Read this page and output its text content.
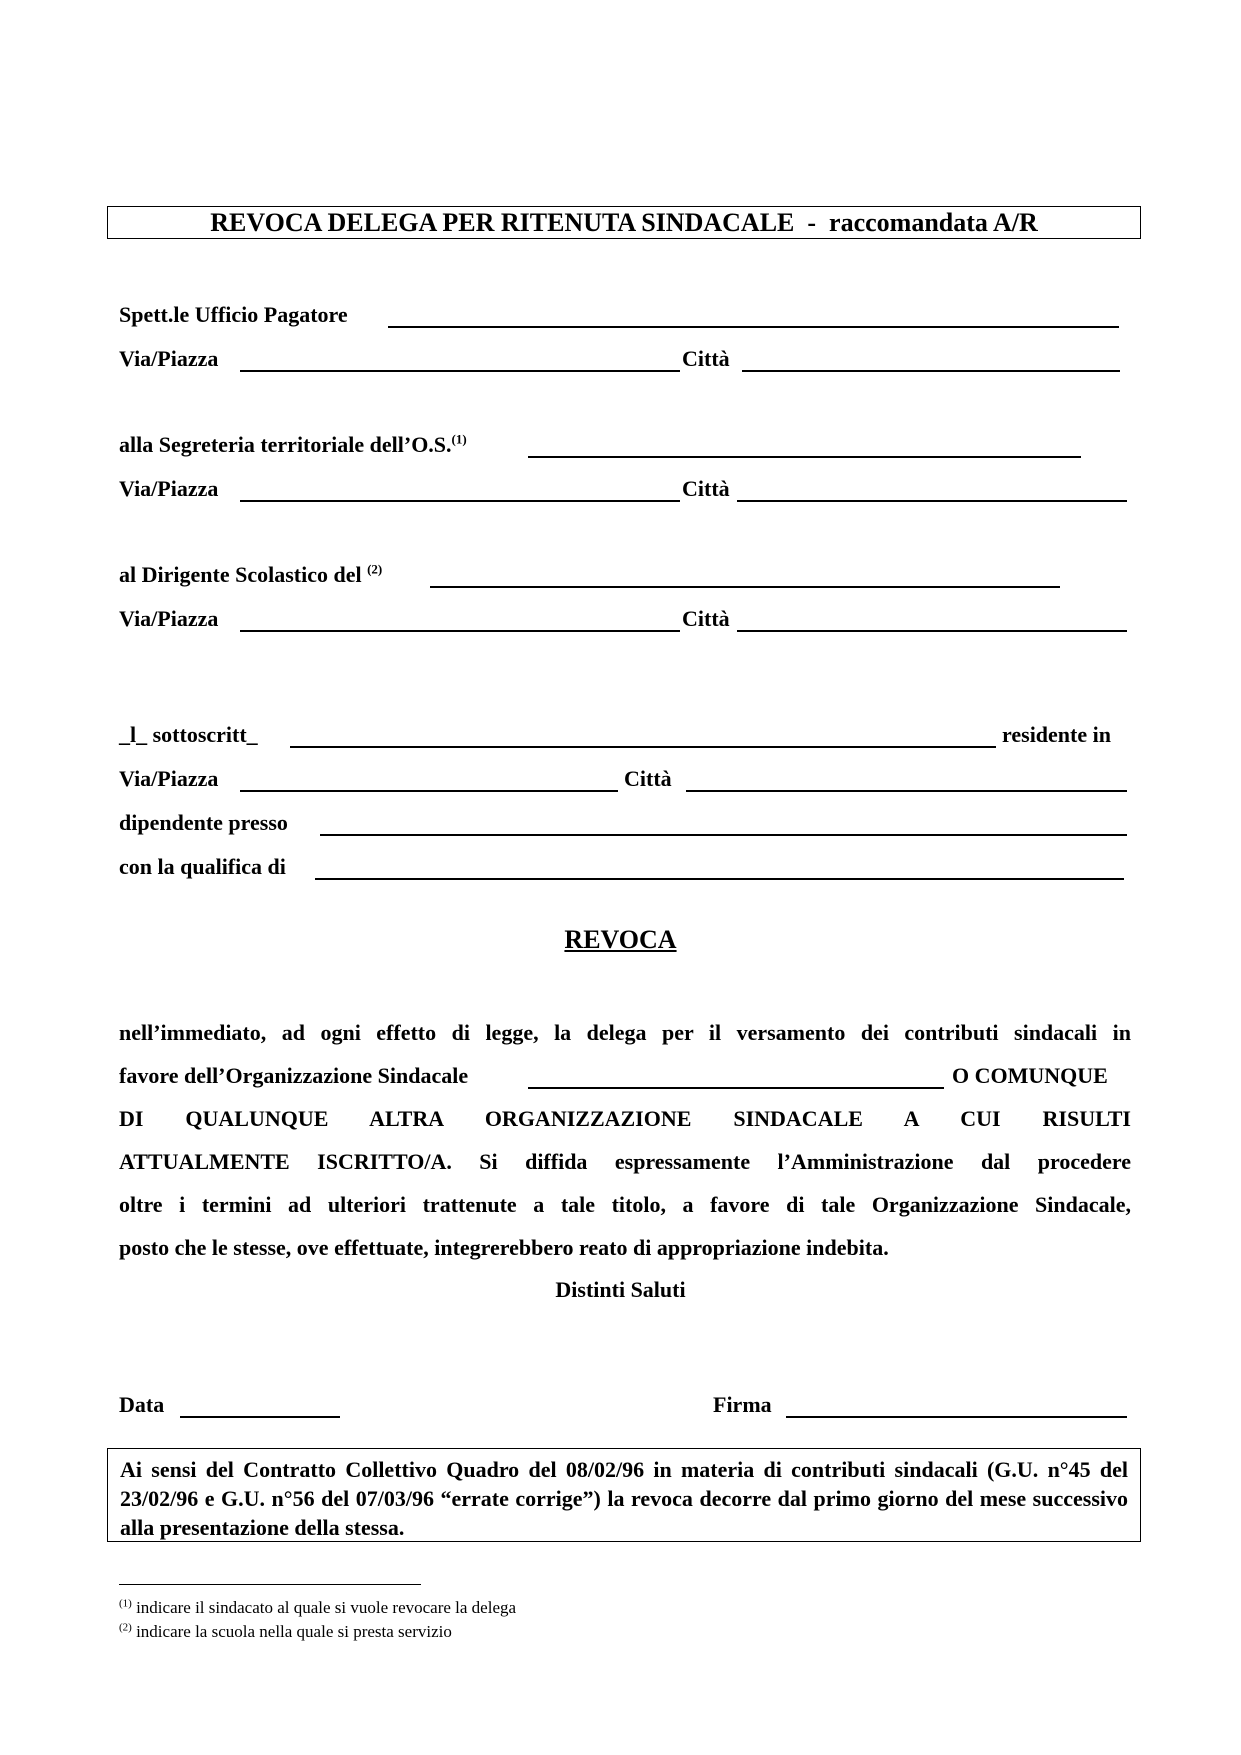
REVOCA DELEGA PER RITENUTA SINDACALE  -  raccomandata A/R
Spett.le Ufficio Pagatore
Via/Piazza	Città
alla Segreteria territoriale dell’O.S.$^{(1)}$
Via/Piazza	Città
al Dirigente Scolastico del $^{(2)}$
Via/Piazza	Città
_l_ sottoscritt_	residente in
Via/Piazza	Città
dipendente presso
con la qualifica di
REVOCA
nell’immediato, ad ogni effetto di legge, la delega per il versamento dei contributi sindacali in
favore dell’Organizzazione Sindacale	O COMUNQUE
DI QUALUNQUE ALTRA ORGANIZZAZIONE SINDACALE A CUI RISULTI
ATTUALMENTE ISCRITTO/A. Si diffida espressamente l’Amministrazione dal procedere
oltre i termini ad ulteriori trattenute a tale titolo, a favore di tale Organizzazione Sindacale,
posto che le stesse, ove effettuate, integrerebbero reato di appropriazione indebita.
Distinti Saluti
Data	Firma
Ai sensi del Contratto Collettivo Quadro del 08/02/96 in materia di contributi sindacali (G.U. n°45 del 23/02/96 e G.U. n°56 del 07/03/96 “errate corrige”) la revoca decorre dal primo giorno del mese successivo alla presentazione della stessa.
$^{(1)}$ indicare il sindacato al quale si vuole revocare la delega
$^{(2)}$ indicare la scuola nella quale si presta servizio
